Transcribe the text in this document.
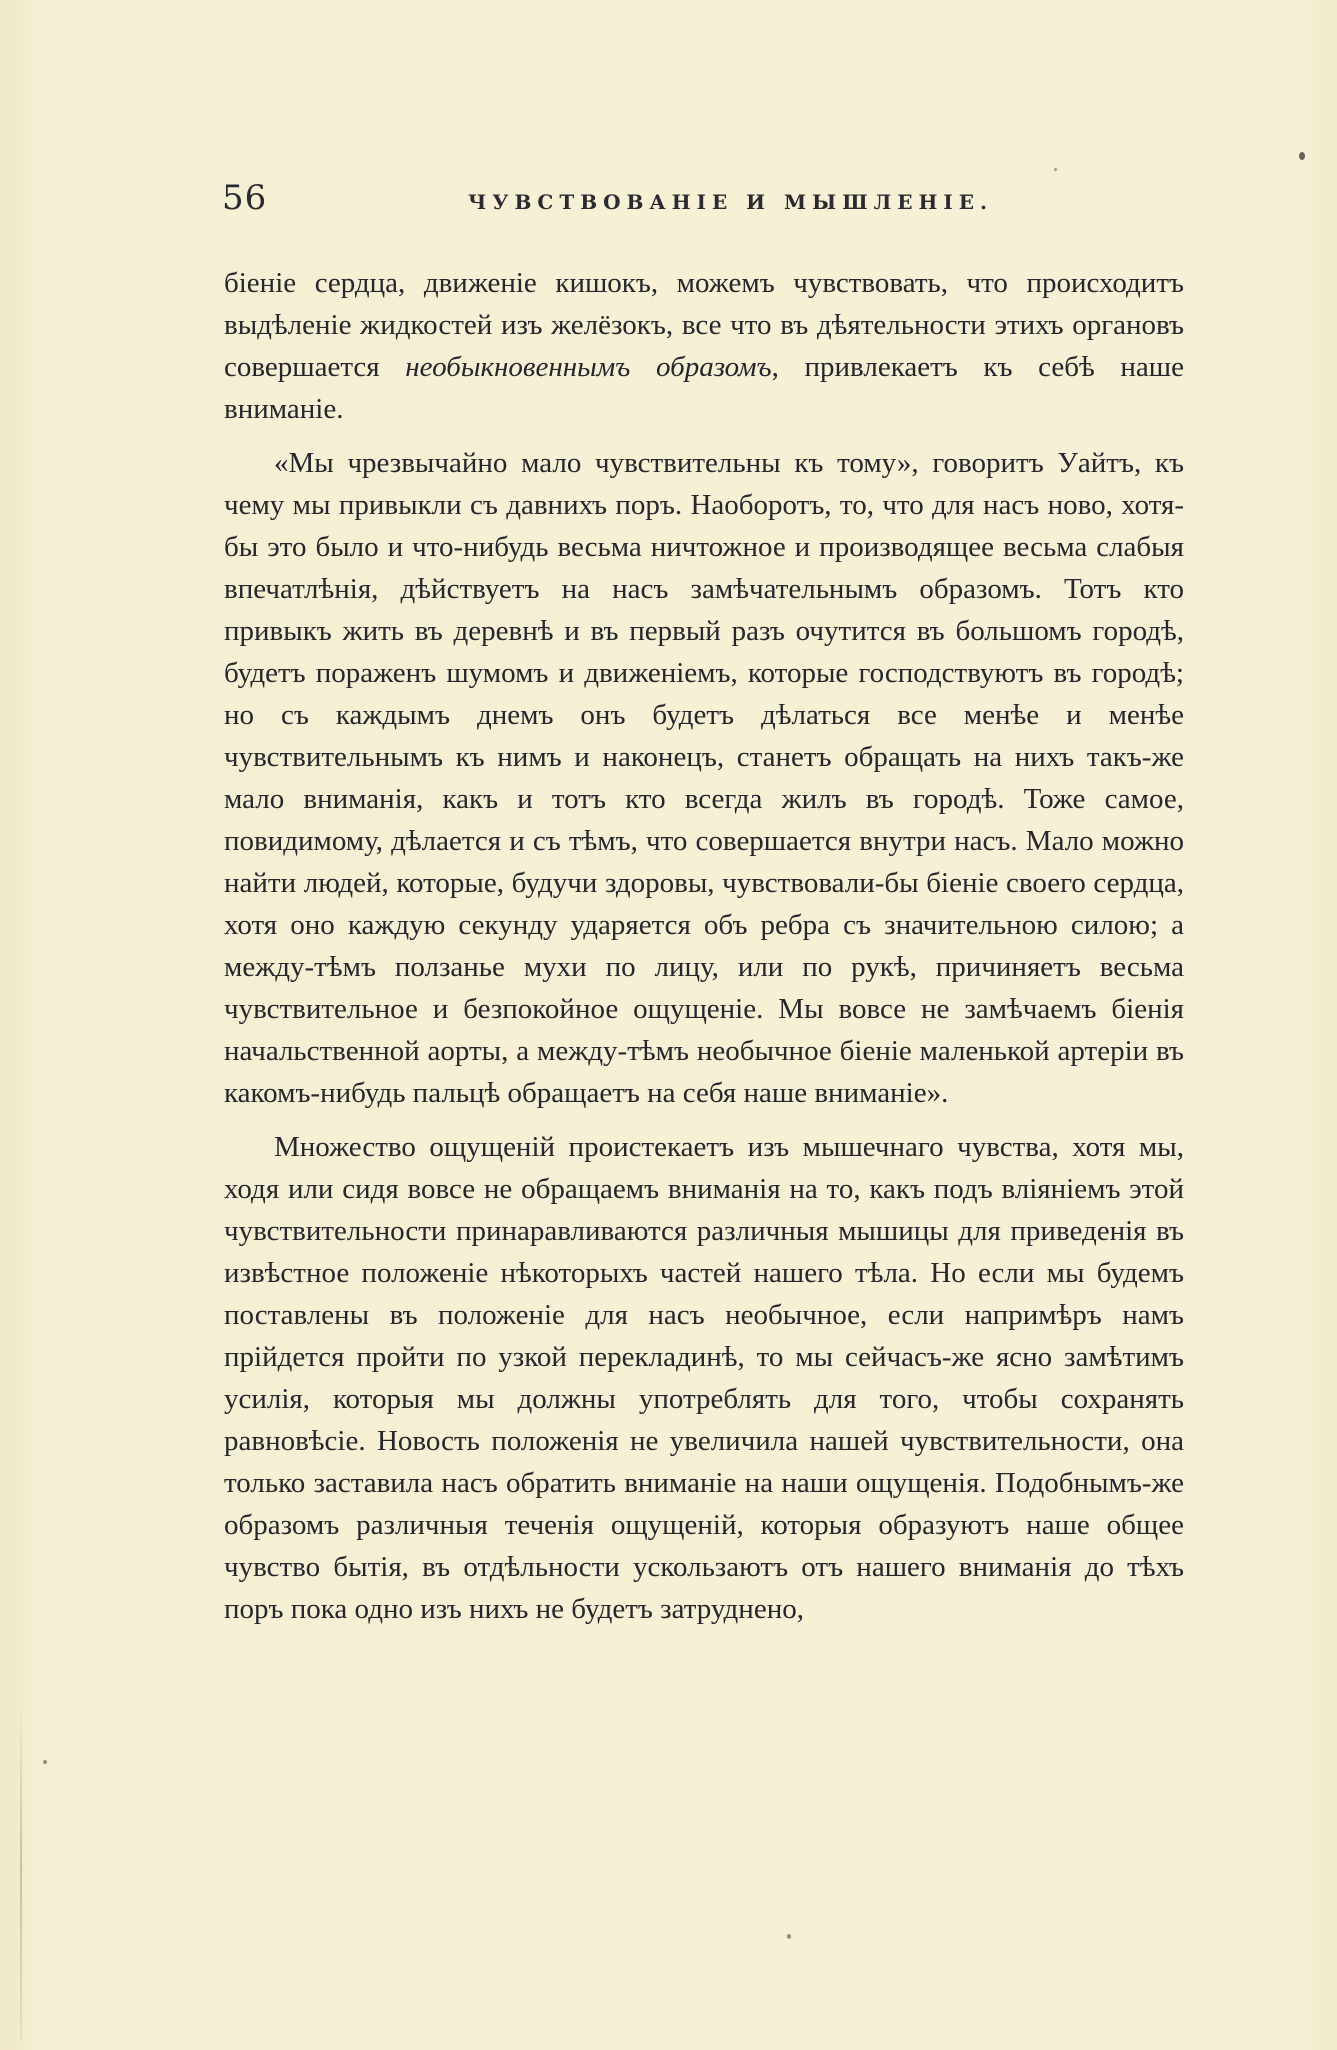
56	ЧУВСТВОВАНІЕ И МЫШЛЕНІЕ.

біеніе сердца, движеніе кишокъ, можемъ чувствовать, что происходитъ выдѣленіе жидкостей изъ желёзокъ, все что въ дѣятельности этихъ органовъ совершается необыкновеннымъ образомъ, привлекаетъ къ себѣ наше вниманіе.

«Мы чрезвычайно мало чувствительны къ тому», говоритъ Уайтъ, къ чему мы привыкли съ давнихъ поръ. Наоборотъ, то, что для насъ ново, хотя-бы это было и что-нибудь весьма ничтожное и производящее весьма слабыя впечатлѣнія, дѣйствуетъ на насъ замѣчательнымъ образомъ. Тотъ кто привыкъ жить въ деревнѣ и въ первый разъ очутится въ большомъ городѣ, будетъ пораженъ шумомъ и движеніемъ, которые господствуютъ въ городѣ; но съ каждымъ днемъ онъ будетъ дѣлаться все менѣе и менѣе чувствительнымъ къ нимъ и наконецъ, станетъ обращать на нихъ такъ-же мало вниманія, какъ и тотъ кто всегда жилъ въ городѣ. Тоже самое, повидимому, дѣлается и съ тѣмъ, что совершается внутри насъ. Мало можно найти людей, которые, будучи здоровы, чувствовали-бы біеніе своего сердца, хотя оно каждую секунду ударяется объ ребра съ значительною силою; а между-тѣмъ ползанье мухи по лицу, или по рукѣ, причиняетъ весьма чувствительное и безпокойное ощущеніе. Мы вовсе не замѣчаемъ біенія начальственной аорты, а между-тѣмъ необычное біеніе маленькой артеріи въ какомъ-нибудь пальцѣ обращаетъ на себя наше вниманіе».

Множество ощущеній проистекаетъ изъ мышечнаго чувства, хотя мы, ходя или сидя вовсе не обращаемъ вниманія на то, какъ подъ вліяніемъ этой чувствительности принаравливаются различныя мышицы для приведенія въ извѣстное положеніе нѣкоторыхъ частей нашего тѣла. Но если мы будемъ поставлены въ положеніе для насъ необычное, если напримѣръ намъ прійдется пройти по узкой перекладинѣ, то мы сейчасъ-же ясно замѣтимъ усилія, которыя мы должны употреблять для того, чтобы сохранять равновѣсіе. Новость положенія не увеличила нашей чувствительности, она только заставила насъ обратить вниманіе на наши ощущенія. Подобнымъ-же образомъ различныя теченія ощущеній, которыя образуютъ наше общее чувство бытія, въ отдѣльности ускользаютъ отъ нашего вниманія до тѣхъ поръ пока одно изъ нихъ не будетъ затруднено,
